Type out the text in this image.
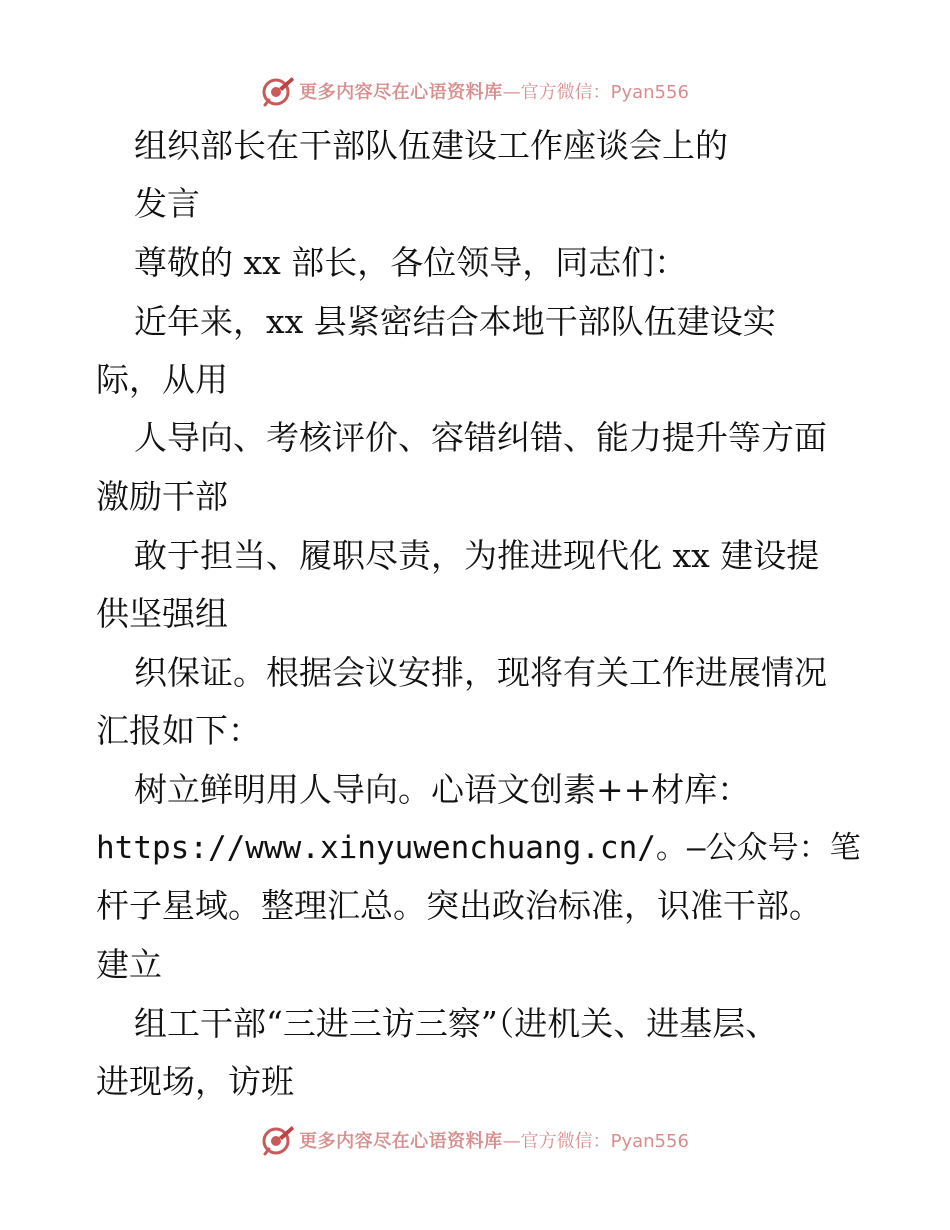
更多内容尽在心语资料库 —官方微信：Pyan556
组织部长在干部队伍建设工作座谈会上的
发言
尊敬的 xx 部长，各位领导，同志们：
近年来，xx 县紧密结合本地干部队伍建设实
际，从用
人导向、考核评价、容错纠错、能力提升等方面
激励干部
敢于担当、履职尽责，为推进现代化 xx 建设提
供坚强组
织保证。根据会议安排，现将有关工作进展情况
汇报如下：
树立鲜明用人导向。心语文创素++材库：
https://www.xinyuwenchuang.cn/。—公众号：笔
杆子星域。整理汇总。突出政治标准，识准干部。
建立
组工干部“三进三访三察”（进机关、进基层、
进现场，访班
更多内容尽在心语资料库 —官方微信：Pyan556
